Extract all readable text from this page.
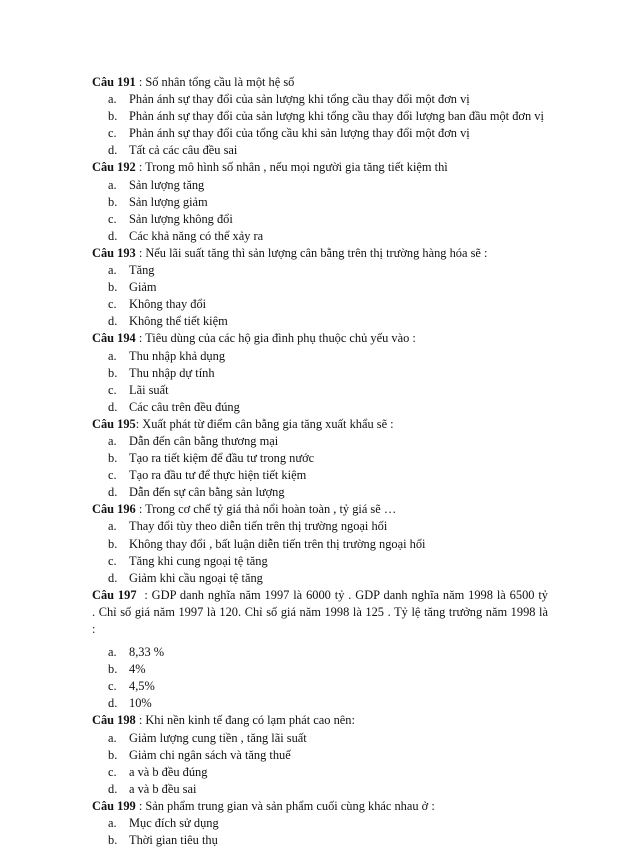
Câu 191 : Số nhân tổng cầu là một hệ số
a. Phản ánh sự thay đổi của sản lượng khi tổng cầu thay đổi một đơn vị
b. Phản ánh sự thay đổi của sản lượng khi tổng cầu thay đổi lượng ban đầu một đơn vị
c. Phản ánh sự thay đổi của tổng cầu khi sản lượng thay đổi một đơn vị
d. Tất cả các câu đều sai
Câu 192 : Trong mô hình số nhân , nếu mọi người gia tăng tiết kiệm thì
a. Sản lượng tăng
b. Sản lượng giảm
c. Sản lượng không đổi
d. Các khả năng có thể xảy ra
Câu 193 : Nếu lãi suất tăng thì sản lượng cân bằng trên thị trường hàng hóa sẽ :
a. Tăng
b. Giảm
c. Không thay đổi
d. Không thể tiết kiệm
Câu 194 : Tiêu dùng của các hộ gia đình phụ thuộc chủ yếu vào :
a. Thu nhập khả dụng
b. Thu nhập dự tính
c. Lãi suất
d. Các câu trên đều đúng
Câu 195: Xuất phát từ điểm cân bằng gia tăng xuất khẩu sẽ :
a. Dẫn đến cân bằng thương mại
b. Tạo ra tiết kiệm để đầu tư trong nước
c. Tạo ra đầu tư để thực hiện tiết kiệm
d. Dẫn đến sự cân bằng sản lượng
Câu 196 : Trong cơ chế tỷ giá thả nổi hoàn toàn , tỷ giá sẽ …
a. Thay đổi tùy theo diễn tiến trên thị trường ngoại hối
b. Không thay đổi , bất luận diễn tiến trên thị trường ngoại hối
c. Tăng khi cung ngoại tệ tăng
d. Giảm khi cầu ngoại tệ tăng
Câu 197  : GDP danh nghĩa năm 1997 là 6000 tỷ . GDP danh nghĩa năm 1998 là 6500 tỷ
. Chỉ số giá năm 1997 là 120. Chỉ số giá năm 1998 là 125 . Tỷ lệ tăng trưởng năm 1998 là
:
a. 8,33 %
b. 4%
c. 4,5%
d. 10%
Câu 198 : Khi nền kinh tế đang có lạm phát cao nên:
a. Giảm lượng cung tiền , tăng lãi suất
b. Giảm chi ngân sách và tăng thuế
c. a và b đều đúng
d. a và b đều sai
Câu 199 : Sản phẩm trung gian và sản phẩm cuối cùng khác nhau ở :
a. Mục đích sử dụng
b. Thời gian tiêu thụ
